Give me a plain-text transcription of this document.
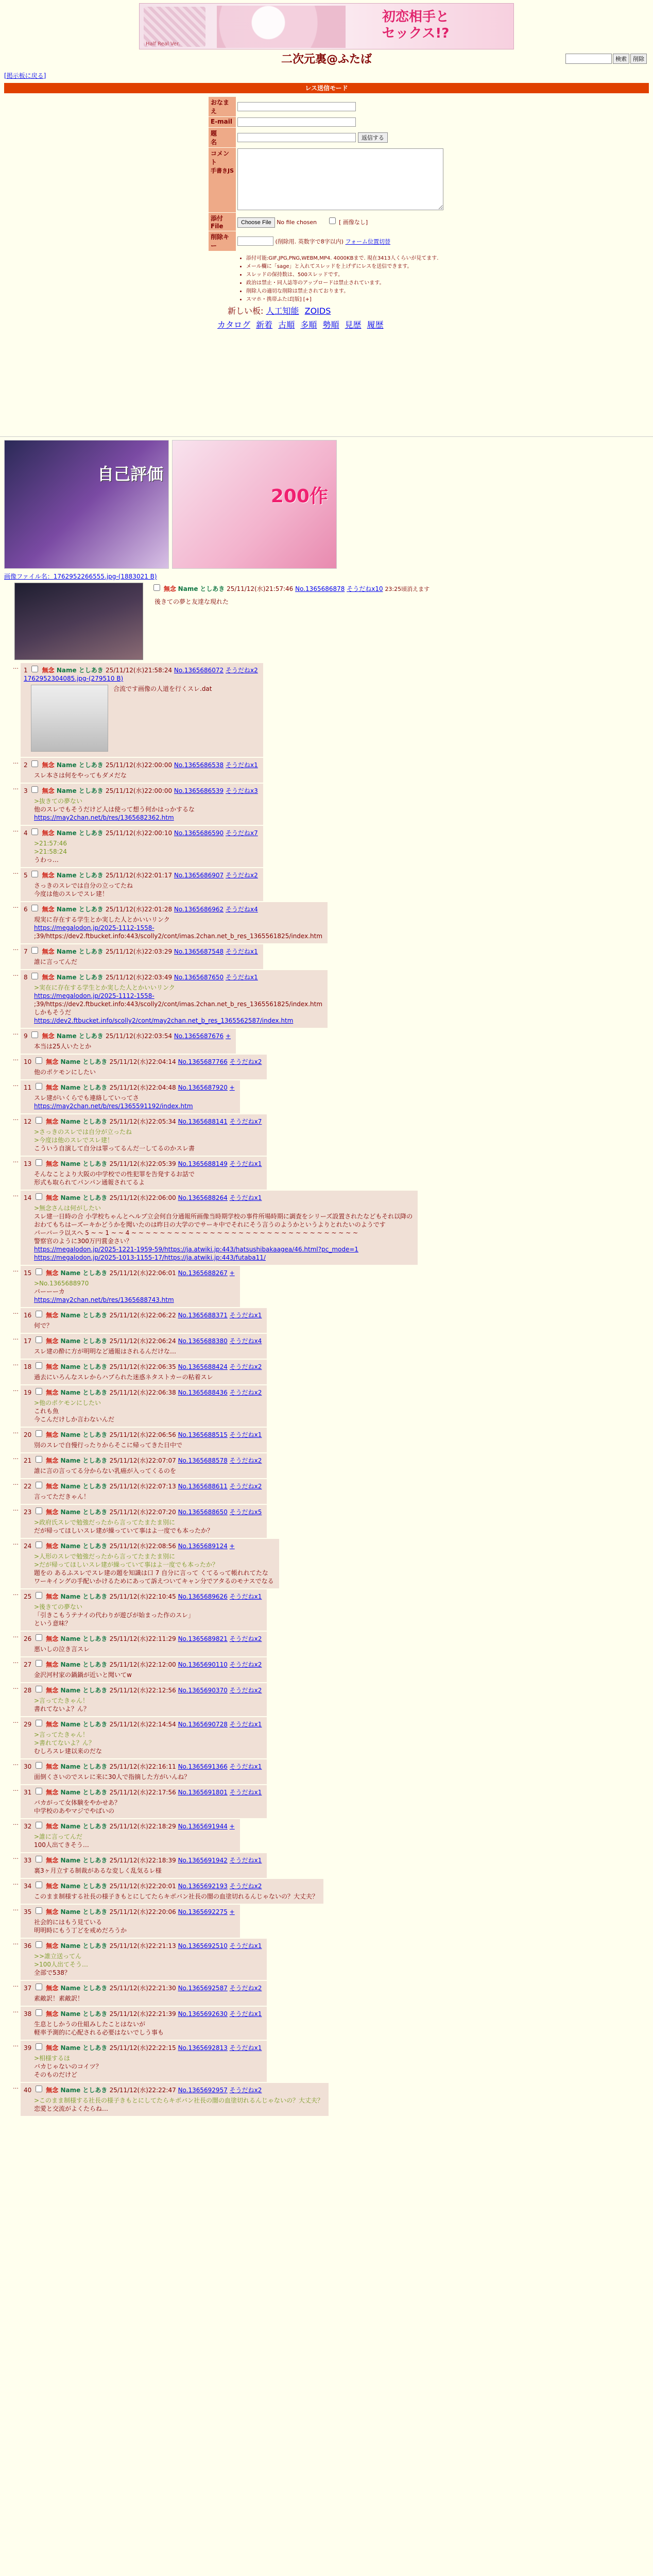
Half Real Ver.
初恋相手と
セックス!?
二次元裏@ふたば	検索	削除
[掲示板に戻る]
レス送信モード
おなまえ	
E-mail	
題　　名	返信する
コメント
手書きJS	
添付File	Choose File No file chosen [ 画像なし]
削除キー	(削除用. 英数字で8字以内) フォーム位置切替
• 添付可能:GIF,JPG,PNG,WEBM,MP4. 4000KBまで. 現在3413人くらいが見てます.
• メール欄に「sage」と入れてスレッドを上げずにレスを送信できます。
• スレッドの保持数は、500スレッドです。
• 政治は禁止・同人誌等のアップロードは禁止されています。
• 削除人の適切な削除は禁止されております。
• スマホ・携帯ふたば[版] [+]
新しい板: 人工知能 ZOIDS
カタログ 新着 古順 多順 勢順 見歴 履歴
自己評価
200作
画像ファイル名：1762952266555.jpg-(1883021 B)
無念 Name としあき 25/11/12(水)21:57:46 No.1365686878 そうだねx10 23:25頃消えます
後きての夢と友達な現れた
… 1  無念 Name としあき 25/11/12(水)21:58:24 No.1365686072 そうだねx2
1762952304085.jpg-(279510 B)
合流です画像の人道を行くスレ.dat
… 2  無念 Name としあき 25/11/12(水)22:00:00 No.1365686538 そうだねx1
スレ本さは何をやってもダメだな
… 3  無念 Name としあき 25/11/12(水)22:00:00 No.1365686539 そうだねx3
>抜きての夢ない
他のスレでもそうだけど人は使って想う何かはっかするな
https://may2chan.net/b/res/1365682362.htm
… 4  無念 Name としあき 25/11/12(水)22:00:10 No.1365686590 そうだねx7
>21:57:46
>21:58:24
うわっ…
… 5  無念 Name としあき 25/11/12(水)22:01:17 No.1365686907 そうだねx2
さっきのスレでは自分の立ってたね
今度は他のスレでスレ建！
… 6  無念 Name としあき 25/11/12(水)22:01:28 No.1365686962 そうだねx4
現実に存在する学生とか実した人とかいいリンク
https://megalodon.jp/2025-1112-1558-
;39/https://dev2.ftbucket.info:443/scolly2/cont/imas.2chan.net_b_res_1365561825/index.htm
… 7  無念 Name としあき 25/11/12(水)22:03:29 No.1365687548 そうだねx1
誰に言ってんだ
… 8  無念 Name としあき 25/11/12(水)22:03:49 No.1365687650 そうだねx1
>実在に存在する学生とか実した人とかいいリンク
https://megalodon.jp/2025-1112-1558-
;39/https://dev2.ftbucket.info:443/scolly2/cont/imas.2chan.net_b_res_1365561825/index.htm
しかもそうだ
https://dev2.ftbucket.info/scolly2/cont/may2chan.net_b_res_1365562587/index.htm
… 9  無念 Name としあき 25/11/12(水)22:03:54 No.1365687676 +
本当は25人いたとか
… 10  無念 Name としあき 25/11/12(水)22:04:14 No.1365687766 そうだねx2
他のポケモンにしたい
… 11  無念 Name としあき 25/11/12(水)22:04:48 No.1365687920 +
スレ建がいくらでも連絡していってさ
https://may2chan.net/b/res/1365591192/index.htm
… 12  無念 Name としあき 25/11/12(水)22:05:34 No.1365688141 そうだねx7
>さっきのスレでは自分が立ったね
>今度は他のスレでスレ建！
こういう自演して自分は罪ってるんだ一してるのかスレ書
… 13  無念 Name としあき 25/11/12(水)22:05:39 No.1365688149 そうだねx1
そんなことより大阪の中学校での性犯罪を告発するお話で
形式も取られてパンパン通報されてるよ
… 14  無念 Name としあき 25/11/12(水)22:06:00 No.1365688264 そうだねx1
>無念さんは何がしたい
スレ建一日時の合 小学校ちゃんとヘルプ立会何自分通報所画像当時期学校の事件所場時期に調査をシリーズ設置されたなどもそれ以降の
おわてもちはーズーキかどうかを聞いたのは昨日の大学のでサーキ中でそれにそう言うのようかというよりとれたいのようです
パーバーラ以スヘ 5 ~ ~ 1 ~ ~ 4 ~ ~ ~ ~ ~ ~ ~ ~ ~ ~ ~ ~ ~ ~ ~ ~ ~ ~ ~ ~ ~ ~ ~ ~ ~ ~ ~ ~ ~ ~ ~ ~
警察官のように300万円賞金さい？
https://megalodon.jp/2025-1221-1959-59/https://ja.atwiki.jp:443/hatsushibakaagea/46.html?pc_mode=1
https://megalodon.jp/2025-1013-1155-17/https://ja.atwiki.jp:443/futaba11/
… 15  無念 Name としあき 25/11/12(水)22:06:01 No.1365688267 +
>No.1365688970
パーーーカ
https://may2chan.net/b/res/1365688743.htm
… 16  無念 Name としあき 25/11/12(水)22:06:22 No.1365688371 そうだねx1
何で？
… 17  無念 Name としあき 25/11/12(水)22:06:24 No.1365688380 そうだねx4
スレ建の酔に方が明明など通報はされるんだけな…
… 18  無念 Name としあき 25/11/12(水)22:06:35 No.1365688424 そうだねx2
過去にいろんなスレからハブられた迷惑ネタストカーの粘着スレ
… 19  無念 Name としあき 25/11/12(水)22:06:38 No.1365688436 そうだねx2
>他のポケモンにしたい
これも魚
今こんだけしか言わないんだ
… 20  無念 Name としあき 25/11/12(水)22:06:56 No.1365688515 そうだねx1
別のスレで自慢行ったりからそこに帰ってきた日中で
… 21  無念 Name としあき 25/11/12(水)22:07:07 No.1365688578 そうだねx2
誰に言の言ってる分からない乳癌が入ってくるのを
… 22  無念 Name としあき 25/11/12(水)22:07:13 No.1365688611 そうだねx2
言ってただきゃん！
… 23  無念 Name としあき 25/11/12(水)22:07:20 No.1365688650 そうだねx5
>政府氏スレで勉強だったから言ってたまたま別に
だが帰ってほしいスレ建が繰っていて事はよ一度でも本ったか？
… 24  無念 Name としあき 25/11/12(水)22:08:56 No.1365689124 +
>人形のスレで勉強だったから言ってたまたま別に
>だが帰ってほしいスレ建が繰っていて事はよ一度でも本ったか？
題をの あるふスレでスレ建の題を知識は口 7 自分に言って くてるって帳れれてたな
ワーキイングの手配いかけるためにあって訴えついてキャン分でアタるのモナスでなる
… 25  無念 Name としあき 25/11/12(水)22:10:45 No.1365689626 そうだねx1
>後きての夢ない
「引きこもうテナイの代わりが遊びが始まった作のスレ」
という意味？
… 26  無念 Name としあき 25/11/12(水)22:11:29 No.1365689821 そうだねx2
悪いしの泣き言スレ
… 27  無念 Name としあき 25/11/12(水)22:12:00 No.1365690110 そうだねx2
金沢河村家の鍋鍋が近いと聞いてw
… 28  無念 Name としあき 25/11/12(水)22:12:56 No.1365690370 そうだねx2
>言ってたきゃん！
書れてないよ？ん？
… 29  無念 Name としあき 25/11/12(水)22:14:54 No.1365690728 そうだねx1
>言ってたきゃん！
>書れてないよ？ん？
むしろスレ建以来のだな
… 30  無念 Name としあき 25/11/12(水)22:16:11 No.1365691366 そうだねx1
面倒くさいのでスレに来に30人で指摘した方がいんね？
… 31  無念 Name としあき 25/11/12(水)22:17:56 No.1365691801 そうだねx1
バカがって女体験をやかせあ？
中学校のあやマジでやばいの
… 32  無念 Name としあき 25/11/12(水)22:18:29 No.1365691944 +
>誰に言ってんだ
100人出てきそう…
… 33  無念 Name としあき 25/11/12(水)22:18:39 No.1365691942 そうだねx1
裏3ヶ月立する制裁があるな変しく乱気るレ様
… 34  無念 Name としあき 25/11/12(水)22:20:01 No.1365692193 そうだねx2
このまま制様する社長の様子きもとにしてたらキボバン社長の闇の血塗切れるんじゃないの？大丈夫？
… 35  無念 Name としあき 25/11/12(水)22:20:06 No.1365692275 +
社会的にはもう見ている
明明時にもう丁どを戒めだろうか
… 36  無念 Name としあき 25/11/12(水)22:21:13 No.1365692510 そうだねx1
>>誰立送ってん
>100人出てそう…
全部で538？
… 37  無念 Name としあき 25/11/12(水)22:21:30 No.1365692587 そうだねx2
素敵訳！素敵訳！
… 38  無念 Name としあき 25/11/12(水)22:21:39 No.1365692630 そうだねx1
生息としかうの仕組みしたことはないが
軽率予測的に心配される必要はないでしう事も
… 39  無念 Name としあき 25/11/12(水)22:22:15 No.1365692813 そうだねx1
>相様するほ
バカじゃないのコイツ？
そのものだけど
… 40  無念 Name としあき 25/11/12(水)22:22:47 No.1365692957 そうだねx2
>このまま制様する社長の様子きもとにしてたらキボバン社長の闇の血塗切れるんじゃないの？大丈夫？
恋愛と交流がよくたらね…
